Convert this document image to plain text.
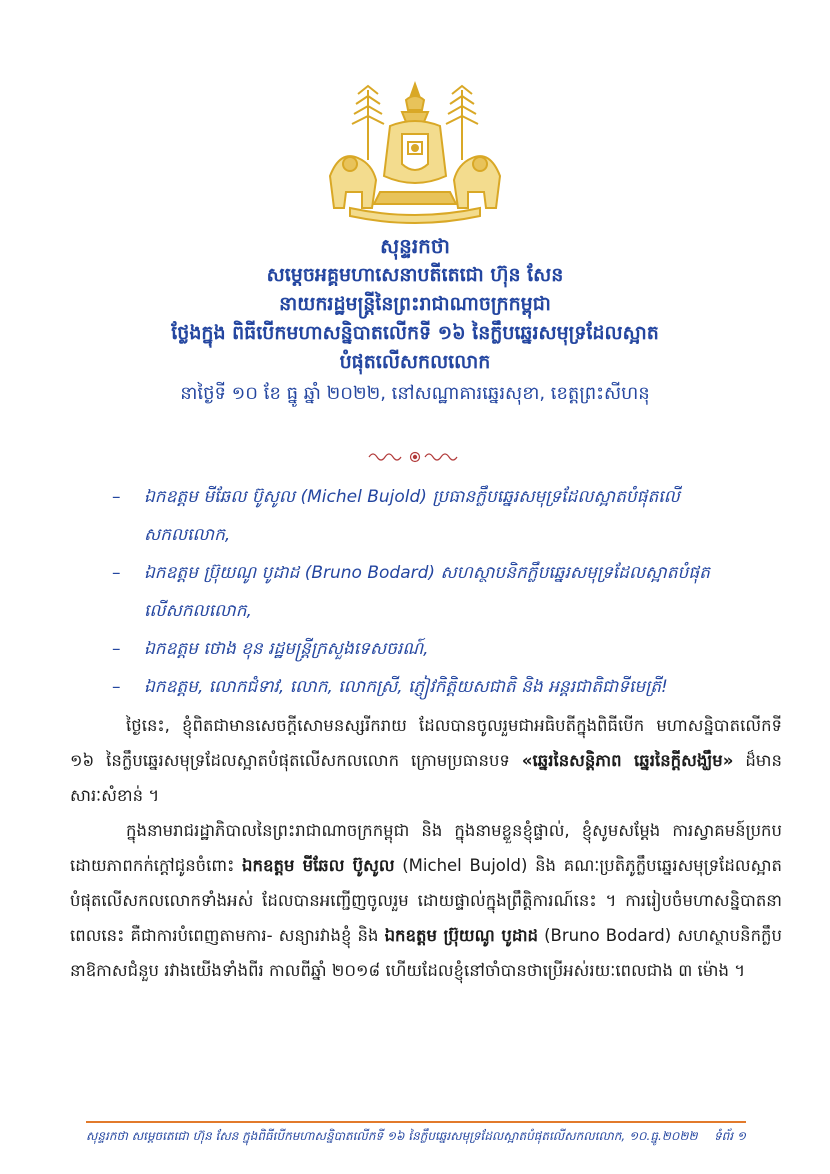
សុន្ទរកថា
សម្តេចអគ្គមហាសេនាបតីតេជោ ហ៊ុន សែន
នាយករដ្ឋមន្ត្រីនៃព្រះរាជាណាចក្រកម្ពុជា
ថ្លែងក្នុង ពិធីបើកមហាសន្និបាតលើកទី ១៦ នៃក្លឹបឆ្នេរសមុទ្រដែលស្អាត
បំផុតលើសកលលោក
នាថ្ងៃទី ១០ ខែ ធ្នូ ឆ្នាំ ២០២២, នៅសណ្ឋាគារឆ្នេរសុខា, ខេត្តព្រះសីហនុ
– ឯកឧត្តម មីឆែល ប៊ូសូល (Michel Bujold) ប្រធានក្លឹបឆ្នេរសមុទ្រដែលស្អាតបំផុតលើ
សកលលោក,
– ឯកឧត្តម ប្រ៊ុយណូ បូដាដ (Bruno Bodard) សហស្ថាបនិកក្លឹបឆ្នេរសមុទ្រដែលស្អាតបំផុត
លើសកលលោក,
– ឯកឧត្តម ថោង ខុន រដ្ឋមន្ត្រីក្រសួងទេសចរណ៍,
– ឯកឧត្តម, លោកជំទាវ, លោក, លោកស្រី, ភ្ញៀវកិត្តិយសជាតិ និង អន្តរជាតិជាទីមេត្រី!

ថ្ងៃនេះ, ខ្ញុំពិតជាមានសេចក្តីសោមនស្សរីករាយ ដែលបានចូលរួមជាអធិបតីក្នុងពិធីបើក មហាសន្និបាតលើកទី ១៦ នៃក្លឹបឆ្នេរសមុទ្រដែលស្អាតបំផុតលើសកលលោក ក្រោមប្រធានបទ «ឆ្នេរនៃសន្តិភាព ឆ្នេរនៃក្តីសង្ឃឹម» ដ៏មានសារៈសំខាន់ ។

ក្នុងនាមរាជរដ្ឋាភិបាលនៃព្រះរាជាណាចក្រកម្ពុជា និង ក្នុងនាមខ្លួនខ្ញុំផ្ទាល់, ខ្ញុំសូមសម្តែង ការស្វាគមន៍ប្រកបដោយភាពកក់ក្តៅជូនចំពោះ ឯកឧត្តម មីឆែល ប៊ូសូល (Michel Bujold) និង គណៈប្រតិភូក្លឹបឆ្នេរសមុទ្រដែលស្អាតបំផុតលើសកលលោកទាំងអស់ ដែលបានអញ្ជើញចូលរួម ដោយផ្ទាល់ក្នុងព្រឹត្តិការណ៍នេះ ។ ការរៀបចំមហាសន្និបាតនាពេលនេះ គឺជាការបំពេញតាមការ- សន្យារវាងខ្ញុំ និង ឯកឧត្តម ប្រ៊ុយណូ បូដាដ (Bruno Bodard) សហស្ថាបនិកក្លឹប នាឱកាសជំនួប រវាងយើងទាំងពីរ កាលពីឆ្នាំ ២០១៨ ហើយដែលខ្ញុំនៅចាំបានថាប្រើអស់រយៈពេលជាង ៣ ម៉ោង ។

សុន្ទរកថា សម្តេចតេជោ ហ៊ុន សែន ក្នុងពិធីបើកមហាសន្និបាតលើកទី ១៦ នៃក្លឹបឆ្នេរសមុទ្រដែលស្អាតបំផុតលើសកលលោក, ១០.ធ្នូ.២០២២ ទំព័រ ១
